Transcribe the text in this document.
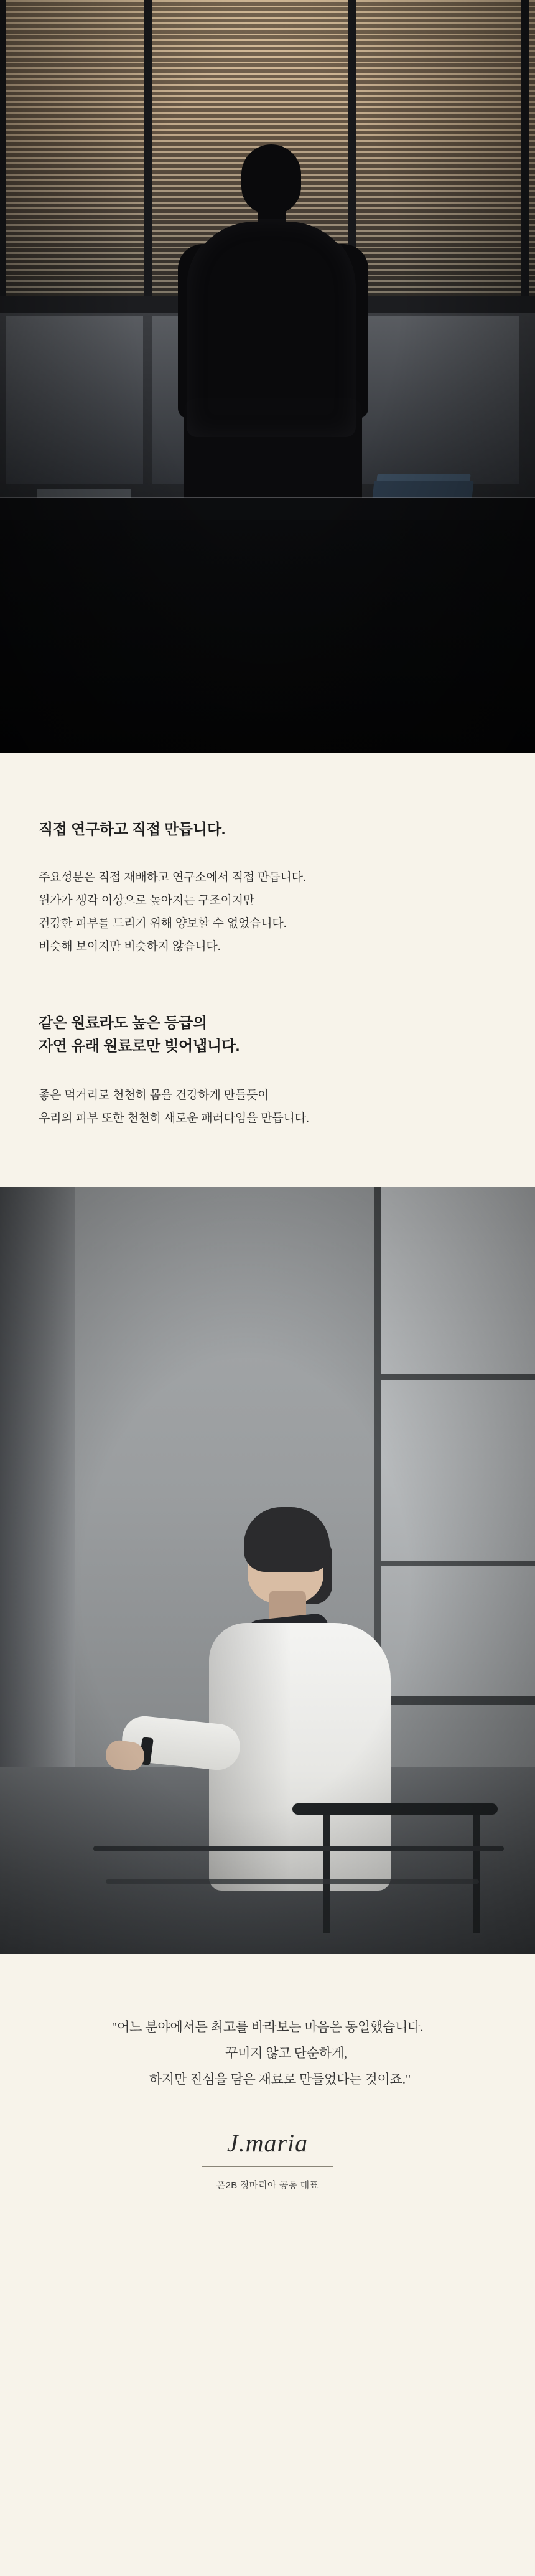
직접 연구하고 직접 만듭니다.
주요성분은 직접 재배하고 연구소에서 직접 만듭니다.
원가가 생각 이상으로 높아지는 구조이지만
건강한 피부를 드리기 위해 양보할 수 없었습니다.
비슷해 보이지만 비슷하지 않습니다.
같은 원료라도 높은 등급의
자연 유래 원료로만 빚어냅니다.
좋은 먹거리로 천천히 몸을 건강하게 만들듯이
우리의 피부 또한 천천히 새로운 패러다임을 만듭니다.
"어느 분야에서든 최고를 바라보는 마음은 동일했습니다.
꾸미지 않고 단순하게,
하지만 진심을 담은 재료로 만들었다는 것이죠."
J.maria
폰2B 정마리아 공동 대표
